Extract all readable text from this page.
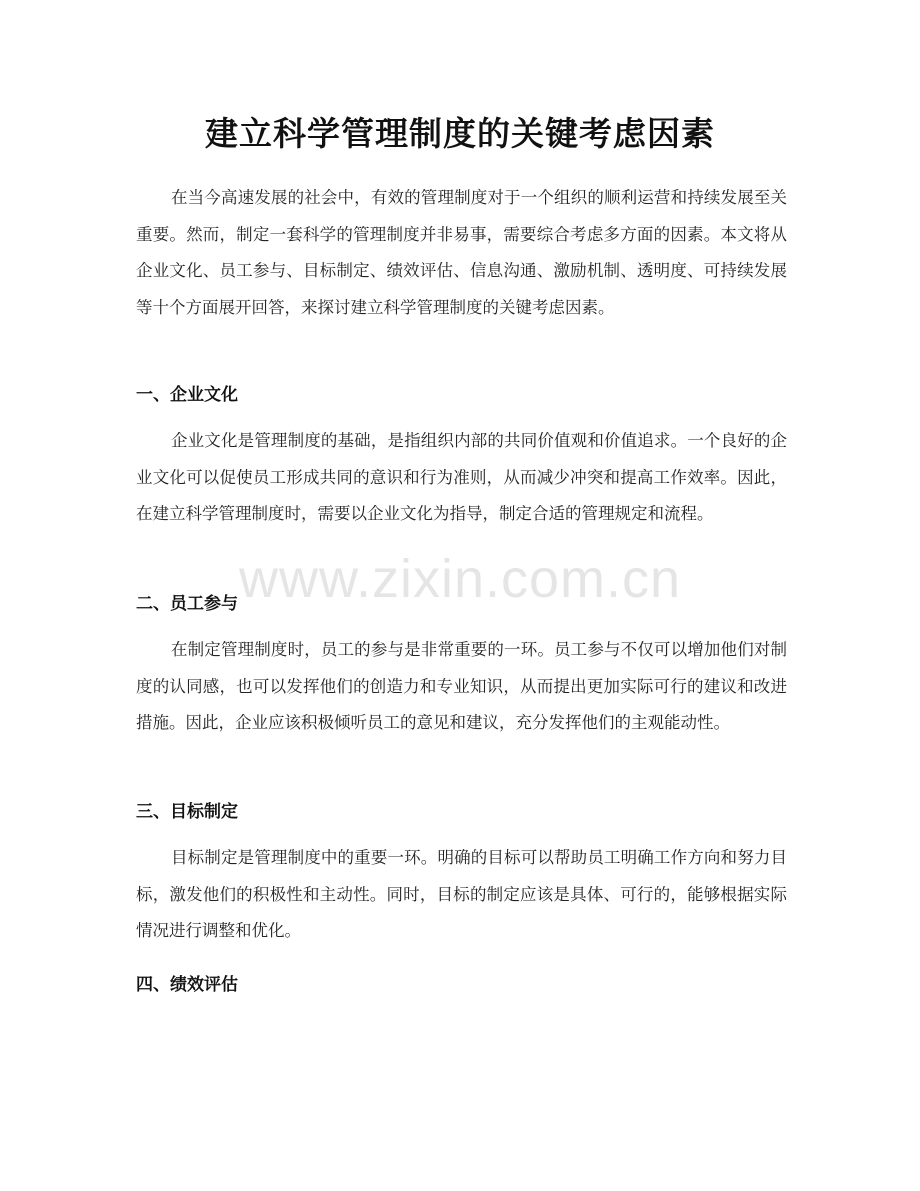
建立科学管理制度的关键考虑因素

在当今高速发展的社会中，有效的管理制度对于一个组织的顺利运营和持续发展至关重要。然而，制定一套科学的管理制度并非易事，需要综合考虑多方面的因素。本文将从企业文化、员工参与、目标制定、绩效评估、信息沟通、激励机制、透明度、可持续发展等十个方面展开回答，来探讨建立科学管理制度的关键考虑因素。

一、企业文化

企业文化是管理制度的基础，是指组织内部的共同价值观和价值追求。一个良好的企业文化可以促使员工形成共同的意识和行为准则，从而减少冲突和提高工作效率。因此，在建立科学管理制度时，需要以企业文化为指导，制定合适的管理规定和流程。

www.zixin.com.cn
二、员工参与

在制定管理制度时，员工的参与是非常重要的一环。员工参与不仅可以增加他们对制度的认同感，也可以发挥他们的创造力和专业知识，从而提出更加实际可行的建议和改进措施。因此，企业应该积极倾听员工的意见和建议，充分发挥他们的主观能动性。

三、目标制定

目标制定是管理制度中的重要一环。明确的目标可以帮助员工明确工作方向和努力目标，激发他们的积极性和主动性。同时，目标的制定应该是具体、可行的，能够根据实际情况进行调整和优化。

四、绩效评估
